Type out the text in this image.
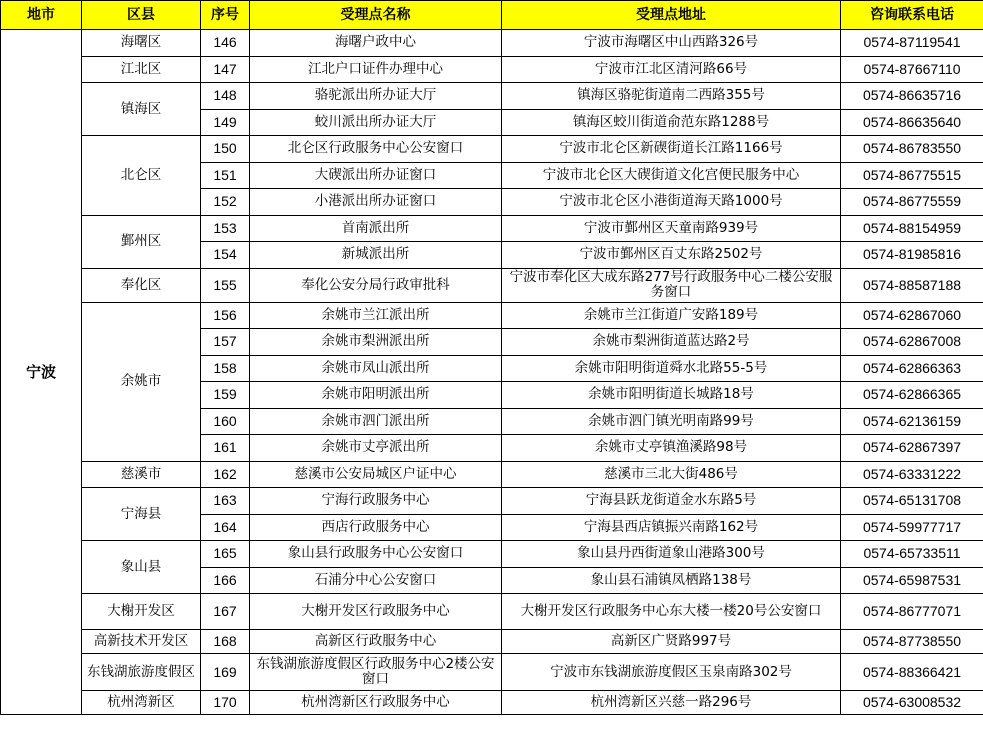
地市	区县	序号	受理点名称	受理点地址	咨询联系电话
宁波	海曙区	146	海曙户政中心	宁波市海曙区中山西路326号	0574-87119541
	江北区	147	江北户口证件办理中心	宁波市江北区清河路66号	0574-87667110
	镇海区	148	骆驼派出所办证大厅	镇海区骆驼街道南二西路355号	0574-86635716
		149	蛟川派出所办证大厅	镇海区蛟川街道俞范东路1288号	0574-86635640
	北仑区	150	北仑区行政服务中心公安窗口	宁波市北仑区新碶街道长江路1166号	0574-86783550
		151	大碶派出所办证窗口	宁波市北仑区大碶街道文化宫便民服务中心	0574-86775515
		152	小港派出所办证窗口	宁波市北仑区小港街道海天路1000号	0574-86775559
	鄞州区	153	首南派出所	宁波市鄞州区天童南路939号	0574-88154959
		154	新城派出所	宁波市鄞州区百丈东路2502号	0574-81985816
	奉化区	155	奉化公安分局行政审批科	宁波市奉化区大成东路277号行政服务中心二楼公安服务窗口	0574-88587188
	余姚市	156	余姚市兰江派出所	余姚市兰江街道广安路189号	0574-62867060
		157	余姚市梨洲派出所	余姚市梨洲街道蓝达路2号	0574-62867008
		158	余姚市凤山派出所	余姚市阳明街道舜水北路55-5号	0574-62866363
		159	余姚市阳明派出所	余姚市阳明街道长城路18号	0574-62866365
		160	余姚市泗门派出所	余姚市泗门镇光明南路99号	0574-62136159
		161	余姚市丈亭派出所	余姚市丈亭镇渔溪路98号	0574-62867397
	慈溪市	162	慈溪市公安局城区户证中心	慈溪市三北大街486号	0574-63331222
	宁海县	163	宁海行政服务中心	宁海县跃龙街道金水东路5号	0574-65131708
		164	西店行政服务中心	宁海县西店镇振兴南路162号	0574-59977717
	象山县	165	象山县行政服务中心公安窗口	象山县丹西街道象山港路300号	0574-65733511
		166	石浦分中心公安窗口	象山县石浦镇凤栖路138号	0574-65987531
	大榭开发区	167	大榭开发区行政服务中心	大榭开发区行政服务中心东大楼一楼20号公安窗口	0574-86777071
	高新技术开发区	168	高新区行政服务中心	高新区广贤路997号	0574-87738550
	东钱湖旅游度假区	169	东钱湖旅游度假区行政服务中心2楼公安窗口	宁波市东钱湖旅游度假区玉泉南路302号	0574-88366421
	杭州湾新区	170	杭州湾新区行政服务中心	杭州湾新区兴慈一路296号	0574-63008532
